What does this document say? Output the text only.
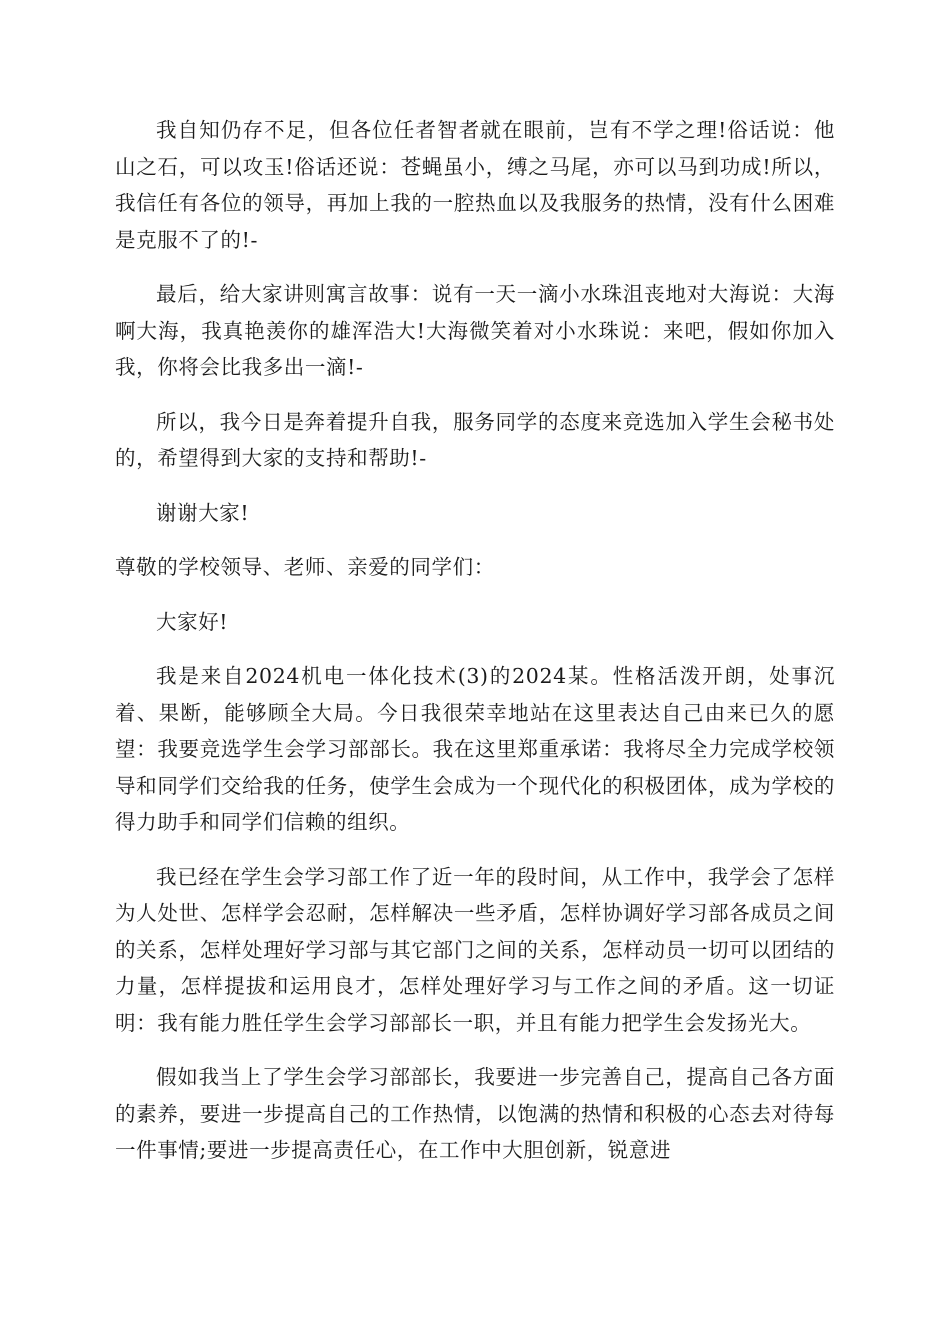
我自知仍存不足，但各位任者智者就在眼前，岂有不学之理!俗话说：他山之石，可以攻玉!俗话还说：苍蝇虽小，缚之马尾，亦可以马到功成!所以，我信任有各位的领导，再加上我的一腔热血以及我服务的热情，没有什么困难是克服不了的!-

最后，给大家讲则寓言故事：说有一天一滴小水珠沮丧地对大海说：大海啊大海，我真艳羡你的雄浑浩大!大海微笑着对小水珠说：来吧，假如你加入我，你将会比我多出一滴!-

所以，我今日是奔着提升自我，服务同学的态度来竞选加入学生会秘书处的，希望得到大家的支持和帮助!-

谢谢大家!

尊敬的学校领导、老师、亲爱的同学们：

大家好!

我是来自2024机电一体化技术(3)的2024某。性格活泼开朗，处事沉着、果断，能够顾全大局。今日我很荣幸地站在这里表达自己由来已久的愿望：我要竞选学生会学习部部长。我在这里郑重承诺：我将尽全力完成学校领导和同学们交给我的任务，使学生会成为一个现代化的积极团体，成为学校的得力助手和同学们信赖的组织。

我已经在学生会学习部工作了近一年的段时间，从工作中，我学会了怎样为人处世、怎样学会忍耐，怎样解决一些矛盾，怎样协调好学习部各成员之间的关系，怎样处理好学习部与其它部门之间的关系，怎样动员一切可以团结的力量，怎样提拔和运用良才，怎样处理好学习与工作之间的矛盾。这一切证明：我有能力胜任学生会学习部部长一职，并且有能力把学生会发扬光大。

假如我当上了学生会学习部部长，我要进一步完善自己，提高自己各方面的素养，要进一步提高自己的工作热情，以饱满的热情和积极的心态去对待每一件事情;要进一步提高责任心，在工作中大胆创新，锐意进
